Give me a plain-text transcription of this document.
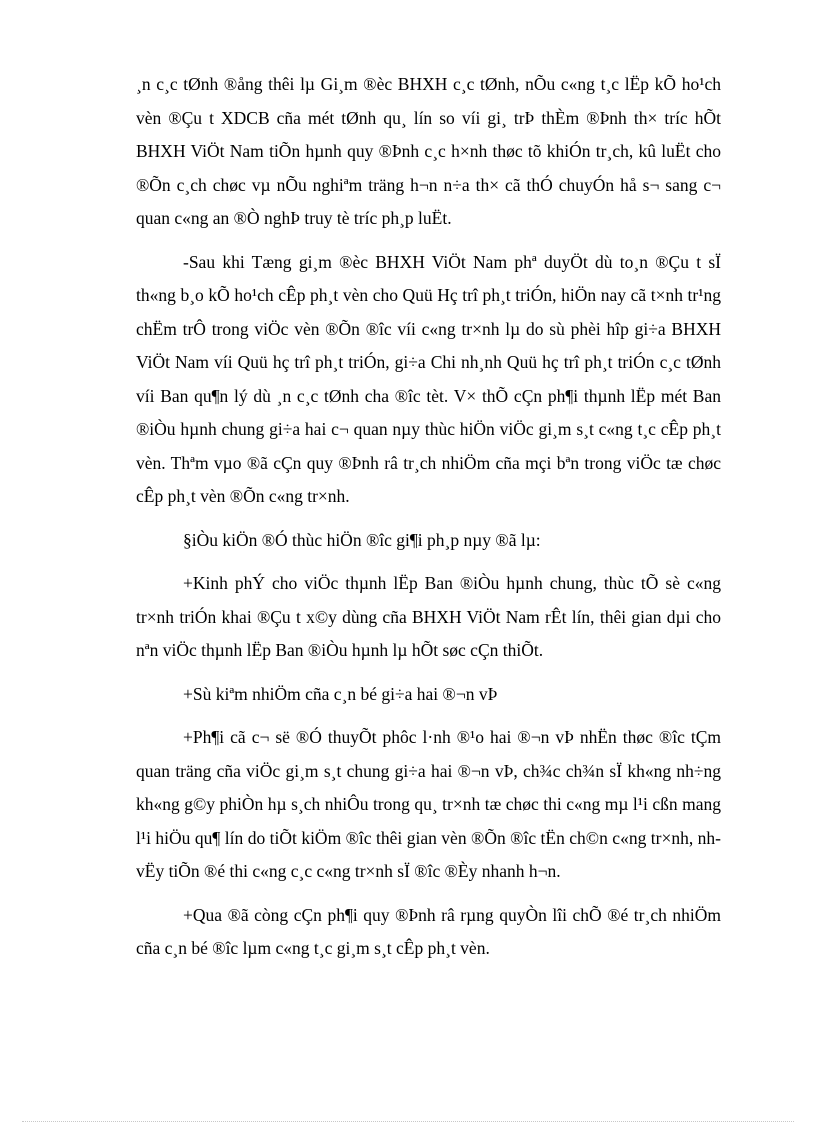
¸n c¸c tØnh ®ång thêi lµ Gi¸m ®èc BHXH c¸c tØnh, nÕu c«ng t¸c lËp kÕ ho¹ch vèn ®Çu t XDCB cña mét tØnh qu¸ lín so víi gi¸ trÞ thÈm ®Þnh th× tríc hÕt BHXH ViÖt Nam tiÕn hµnh quy ®Þnh c¸c h×nh thøc tõ khiÓn tr¸ch, kû luËt cho ®Õn c¸ch chøc vµ nÕu nghiªm träng h¬n n÷a th× cã thÓ chuyÓn hå s¬ sang c¬ quan c«ng an ®Ò nghÞ truy tè tríc ph¸p luËt.

-Sau khi Tæng gi¸m ®èc BHXH ViÖt Nam phª duyÖt dù to¸n ®Çu t sÏ th«ng b¸o kÕ ho¹ch cÊp ph¸t vèn cho Quü Hç trî ph¸t triÓn, hiÖn nay cã t×nh tr¹ng chËm trÔ trong viÖc vèn ®Õn ®îc víi c«ng tr×nh lµ do sù phèi hîp gi÷a BHXH ViÖt Nam víi Quü hç trî ph¸t triÓn, gi÷a Chi nh¸nh Quü hç trî ph¸t triÓn c¸c tØnh víi Ban qu¶n lý dù ¸n c¸c tØnh cha ®îc tèt. V× thÕ cÇn ph¶i thµnh lËp mét Ban ®iÒu hµnh chung gi÷a hai c¬ quan nµy thùc hiÖn viÖc gi¸m s¸t c«ng t¸c cÊp ph¸t vèn. Thªm vµo ®ã cÇn quy ®Þnh râ tr¸ch nhiÖm cña mçi bªn trong viÖc tæ chøc cÊp ph¸t vèn ®Õn c«ng tr×nh.

§iÒu kiÖn ®Ó thùc hiÖn ®îc gi¶i ph¸p nµy ®ã lµ:

+Kinh phÝ cho viÖc thµnh lËp Ban ®iÒu hµnh chung, thùc tÕ sè c«ng tr×nh triÓn khai ®Çu t x©y dùng cña BHXH ViÖt Nam rÊt lín, thêi gian dµi cho nªn viÖc thµnh lËp Ban ®iÒu hµnh lµ hÕt søc cÇn thiÕt.

+Sù kiªm nhiÖm cña c¸n bé gi÷a hai ®¬n vÞ

+Ph¶i cã c¬ së ®Ó thuyÕt phôc l·nh ®¹o hai ®¬n vÞ nhËn thøc ®îc tÇm quan träng cña viÖc gi¸m s¸t chung gi÷a hai ®¬n vÞ, ch¾c ch¾n sÏ kh«ng nh÷ng kh«ng g©y phiÒn hµ s¸ch nhiÔu trong qu¸ tr×nh tæ chøc thi c«ng mµ l¹i cßn mang l¹i hiÖu qu¶ lín do tiÕt kiÖm ®îc thêi gian vèn ®Õn ®îc tËn ch©n c«ng tr×nh, nh vËy tiÕn ®é thi c«ng c¸c c«ng tr×nh sÏ ®îc ®Èy nhanh h¬n.

+Qua ®ã còng cÇn ph¶i quy ®Þnh râ rµng quyÒn lîi chÕ ®é tr¸ch nhiÖm cña c¸n bé ®îc lµm c«ng t¸c gi¸m s¸t cÊp ph¸t vèn.
